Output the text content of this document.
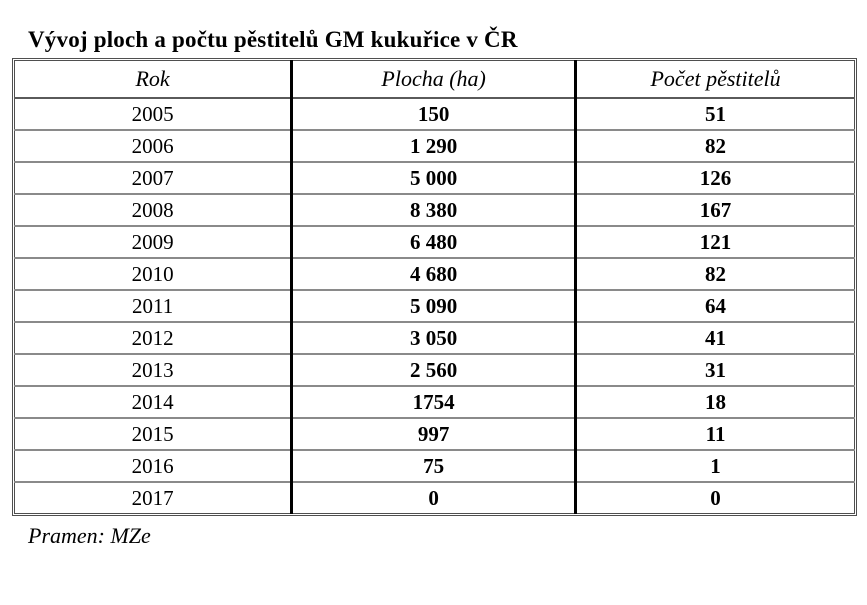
Vývoj ploch a počtu pěstitelů GM kukuřice v ČR
Rok	Plocha (ha)	Počet pěstitelů
2005	150	51
2006	1 290	82
2007	5 000	126
2008	8 380	167
2009	6 480	121
2010	4 680	82
2011	5 090	64
2012	3 050	41
2013	2 560	31
2014	1754	18
2015	997	11
2016	75	1
2017	0	0
Pramen: MZe
